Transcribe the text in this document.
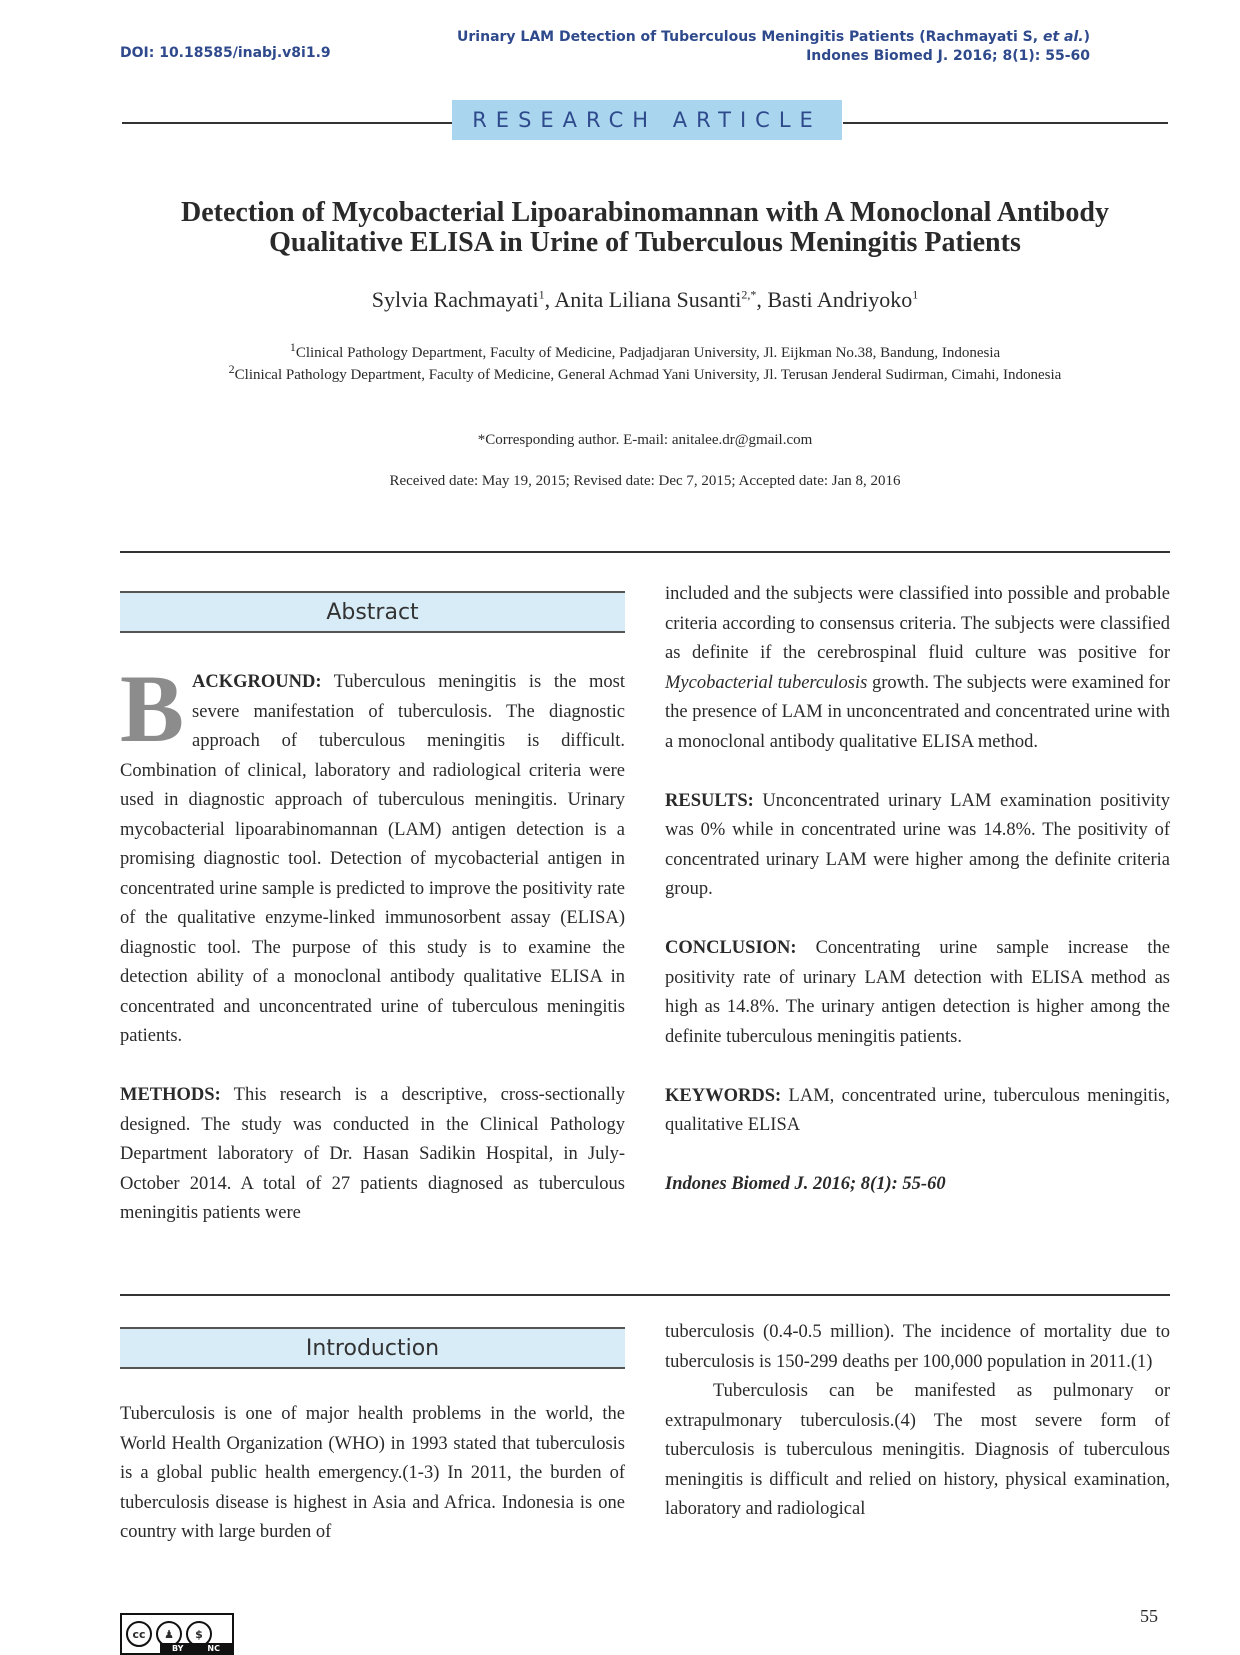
DOI: 10.18585/inabj.v8i1.9
Urinary LAM Detection of Tuberculous Meningitis Patients (Rachmayati S, et al.)
Indones Biomed J. 2016; 8(1): 55-60
RESEARCH ARTICLE
Detection of Mycobacterial Lipoarabinomannan with A Monoclonal Antibody
Qualitative ELISA in Urine of Tuberculous Meningitis Patients
Sylvia Rachmayati$^1$, Anita Liliana Susanti$^{2,*}$, Basti Andriyoko$^1$
$^1$Clinical Pathology Department, Faculty of Medicine, Padjadjaran University, Jl. Eijkman No.38, Bandung, Indonesia
$^2$Clinical Pathology Department, Faculty of Medicine, General Achmad Yani University, Jl. Terusan Jenderal Sudirman, Cimahi, Indonesia
*Corresponding author. E-mail: anitalee.dr@gmail.com
Received date: May 19, 2015; Revised date: Dec 7, 2015; Accepted date: Jan 8, 2016
Abstract

BACKGROUND: Tuberculous meningitis is the most severe manifestation of tuberculosis. The diagnostic approach of tuberculous meningitis is difficult. Combination of clinical, laboratory and radiological criteria were used in diagnostic approach of tuberculous meningitis. Urinary mycobacterial lipoarabinomannan (LAM) antigen detection is a promising diagnostic tool. Detection of mycobacterial antigen in concentrated urine sample is predicted to improve the positivity rate of the qualitative enzyme-linked immunosorbent assay (ELISA) diagnostic tool. The purpose of this study is to examine the detection ability of a monoclonal antibody qualitative ELISA in concentrated and unconcentrated urine of tuberculous meningitis patients.

METHODS: This research is a descriptive, cross-sectionally designed. The study was conducted in the Clinical Pathology Department laboratory of Dr. Hasan Sadikin Hospital, in July-October 2014. A total of 27 patients diagnosed as tuberculous meningitis patients were

included and the subjects were classified into possible and probable criteria according to consensus criteria. The subjects were classified as definite if the cerebrospinal fluid culture was positive for Mycobacterial tuberculosis growth. The subjects were examined for the presence of LAM in unconcentrated and concentrated urine with a monoclonal antibody qualitative ELISA method.

RESULTS: Unconcentrated urinary LAM examination positivity was 0% while in concentrated urine was 14.8%. The positivity of concentrated urinary LAM were higher among the definite criteria group.

CONCLUSION: Concentrating urine sample increase the positivity rate of urinary LAM detection with ELISA method as high as 14.8%. The urinary antigen detection is higher among the definite tuberculous meningitis patients.

KEYWORDS: LAM, concentrated urine, tuberculous meningitis, qualitative ELISA

Indones Biomed J. 2016; 8(1): 55-60

Introduction

Tuberculosis is one of major health problems in the world, the World Health Organization (WHO) in 1993 stated that tuberculosis is a global public health emergency.(1-3) In 2011, the burden of tuberculosis disease is highest in Asia and Africa. Indonesia is one country with large burden of

tuberculosis (0.4-0.5 million). The incidence of mortality due to tuberculosis is 150-299 deaths per 100,000 population in 2011.(1)

Tuberculosis can be manifested as pulmonary or extrapulmonary tuberculosis.(4) The most severe form of tuberculosis is tuberculous meningitis. Diagnosis of tuberculous meningitis is difficult and relied on history, physical examination, laboratory and radiological

cc	♟	$
BY	NC
55
